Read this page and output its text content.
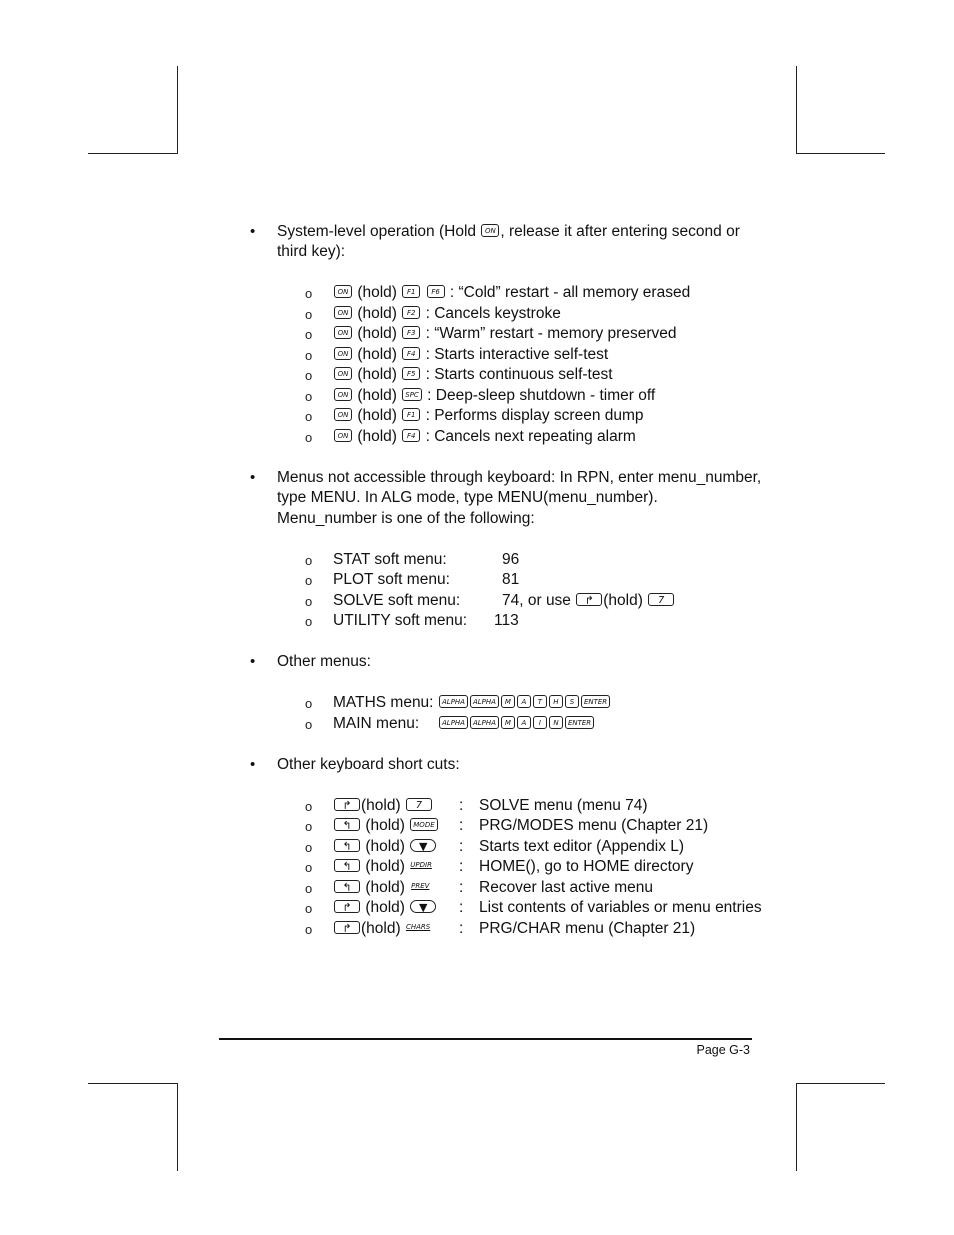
• System-level operation (Hold ON , release it after entering second or
third key):
o	ON (hold) F1 F6 : “Cold” restart - all memory erased
o	ON (hold) F2 : Cancels keystroke
o	ON (hold) F3 : “Warm” restart - memory preserved
o	ON (hold) F4 : Starts interactive self-test
o	ON (hold) F5 : Starts continuous self-test
o	ON (hold) SPC : Deep-sleep shutdown - timer off
o	ON (hold) F1 : Performs display screen dump
o	ON (hold) F4 : Cancels next repeating alarm
• Menus not accessible through keyboard: In RPN, enter menu_number,
type MENU. In ALG mode, type MENU(menu_number).
Menu_number is one of the following:
o STAT soft menu:	96
o PLOT soft menu:	81
o SOLVE soft menu:	74, or use ↱ (hold) 7
o UTILITY soft menu: 113
• Other menus:
o MATHS menu:	ALPHA ALPHA M A T H S ENTER
o MAIN menu:	ALPHA ALPHA M A I N ENTER
• Other keyboard short cuts:
o	↱ (hold) 7	: SOLVE menu (menu 74)
o	↰ (hold) MODE : PRG/MODES menu (Chapter 21)
o	↰ (hold) ▼	: Starts text editor (Appendix L)
o	↰ (hold) UPDIR : HOME(), go to HOME directory
o	↰ (hold) PREV : Recover last active menu
o	↱ (hold) ▼	: List contents of variables or menu entries
o	↱ (hold) CHARS : PRG/CHAR menu (Chapter 21)
Page G-3
